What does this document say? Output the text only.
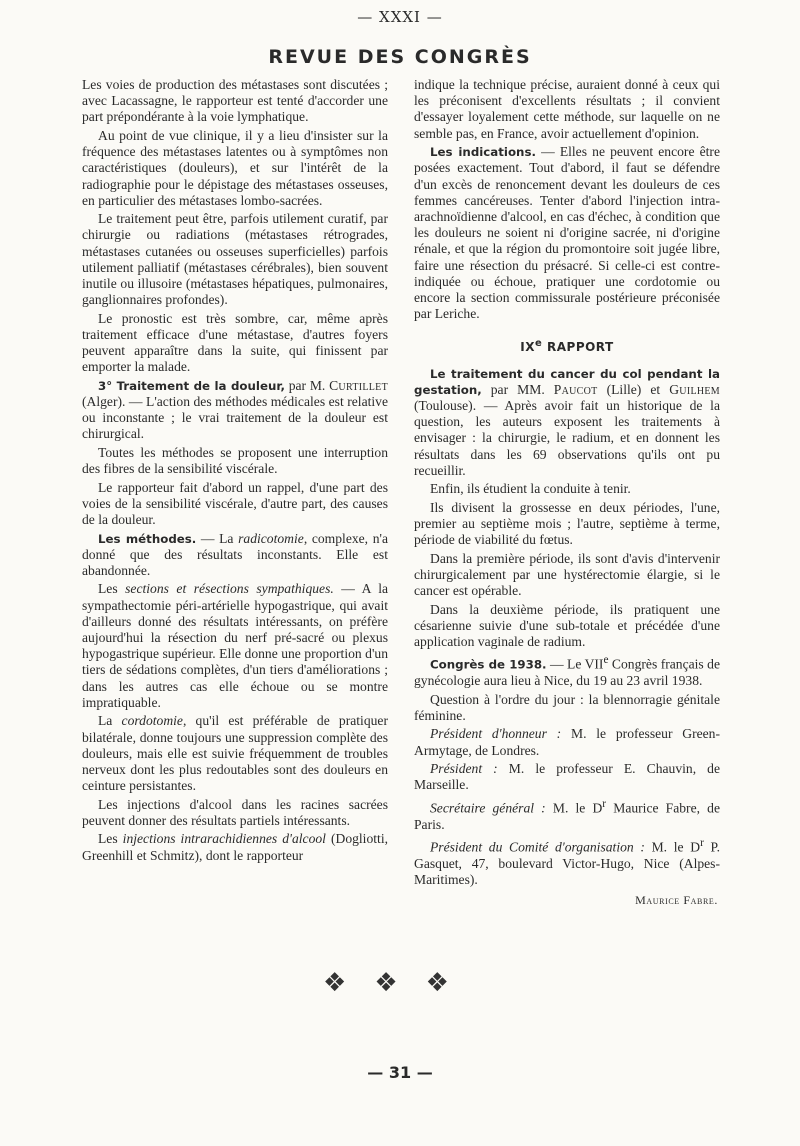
— XXXI —
REVUE DES CONGRÈS

Les voies de production des métastases sont discutées ; avec Lacassagne, le rapporteur est tenté d'accorder une part prépondérante à la voie lymphatique.

Au point de vue clinique, il y a lieu d'insister sur la fréquence des métastases latentes ou à symptômes non caractéristiques (douleurs), et sur l'intérêt de la radiographie pour le dépistage des métastases osseuses, en particulier des métastases lombo-sacrées.

Le traitement peut être, parfois utilement curatif, par chirurgie ou radiations (métastases rétrogrades, métastases cutanées ou osseuses superficielles) parfois utilement palliatif (métastases cérébrales), bien souvent inutile ou illusoire (métastases hépatiques, pulmonaires, ganglionnaires profondes).

Le pronostic est très sombre, car, même après traitement efficace d'une métastase, d'autres foyers peuvent apparaître dans la suite, qui finissent par emporter la malade.

3° Traitement de la douleur, par M. Curtillet (Alger). — L'action des méthodes médicales est relative ou inconstante ; le vrai traitement de la douleur est chirurgical.

Toutes les méthodes se proposent une interruption des fibres de la sensibilité viscérale.

Le rapporteur fait d'abord un rappel, d'une part des voies de la sensibilité viscérale, d'autre part, des causes de la douleur.

Les méthodes. — La radicotomie, complexe, n'a donné que des résultats inconstants. Elle est abandonnée.

Les sections et résections sympathiques. — A la sympathectomie péri-artérielle hypogastrique, qui avait d'ailleurs donné des résultats intéressants, on préfère aujourd'hui la résection du nerf pré-sacré ou plexus hypogastrique supérieur. Elle donne une proportion d'un tiers de sédations complètes, d'un tiers d'améliorations ; dans les autres cas elle échoue ou se montre impratiquable.

La cordotomie, qu'il est préférable de pratiquer bilatérale, donne toujours une suppression complète des douleurs, mais elle est suivie fréquemment de troubles nerveux dont les plus redoutables sont des douleurs en ceinture persistantes.

Les injections d'alcool dans les racines sacrées peuvent donner des résultats partiels intéressants.

Les injections intrarachidiennes d'alcool (Dogliotti, Greenhill et Schmitz), dont le rapporteur

indique la technique précise, auraient donné à ceux qui les préconisent d'excellents résultats ; il convient d'essayer loyalement cette méthode, sur laquelle on ne semble pas, en France, avoir actuellement d'opinion.

Les indications. — Elles ne peuvent encore être posées exactement. Tout d'abord, il faut se défendre d'un excès de renoncement devant les douleurs de ces femmes cancéreuses. Tenter d'abord l'injection intra-arachnoïdienne d'alcool, en cas d'échec, à condition que les douleurs ne soient ni d'origine sacrée, ni d'origine rénale, et que la région du promontoire soit jugée libre, faire une résection du présacré. Si celle-ci est contre-indiquée ou échoue, pratiquer une cordotomie ou encore la section commissurale postérieure préconisée par Leriche.

IXe RAPPORT

Le traitement du cancer du col pendant la gestation, par MM. Paucot (Lille) et Guilhem (Toulouse). — Après avoir fait un historique de la question, les auteurs exposent les traitements à envisager : la chirurgie, le radium, et en donnent les résultats dans les 69 observations qu'ils ont pu recueillir.

Enfin, ils étudient la conduite à tenir.

Ils divisent la grossesse en deux périodes, l'une, premier au septième mois ; l'autre, septième à terme, période de viabilité du fœtus.

Dans la première période, ils sont d'avis d'intervenir chirurgicalement par une hystérectomie élargie, si le cancer est opérable.

Dans la deuxième période, ils pratiquent une césarienne suivie d'une sub-totale et précédée d'une application vaginale de radium.

Congrès de 1938. — Le VIIe Congrès français de gynécologie aura lieu à Nice, du 19 au 23 avril 1938.

Question à l'ordre du jour : la blennorragie génitale féminine.

Président d'honneur : M. le professeur Green-Armytage, de Londres.

Président : M. le professeur E. Chauvin, de Marseille.

Secrétaire général : M. le $D^r$ Maurice Fabre, de Paris.

Président du Comité d'organisation : M. le $D^r$ P. Gasquet, 47, boulevard Victor-Hugo, Nice (Alpes-Maritimes).

Maurice Fabre.
❖❖❖
— 31 —
